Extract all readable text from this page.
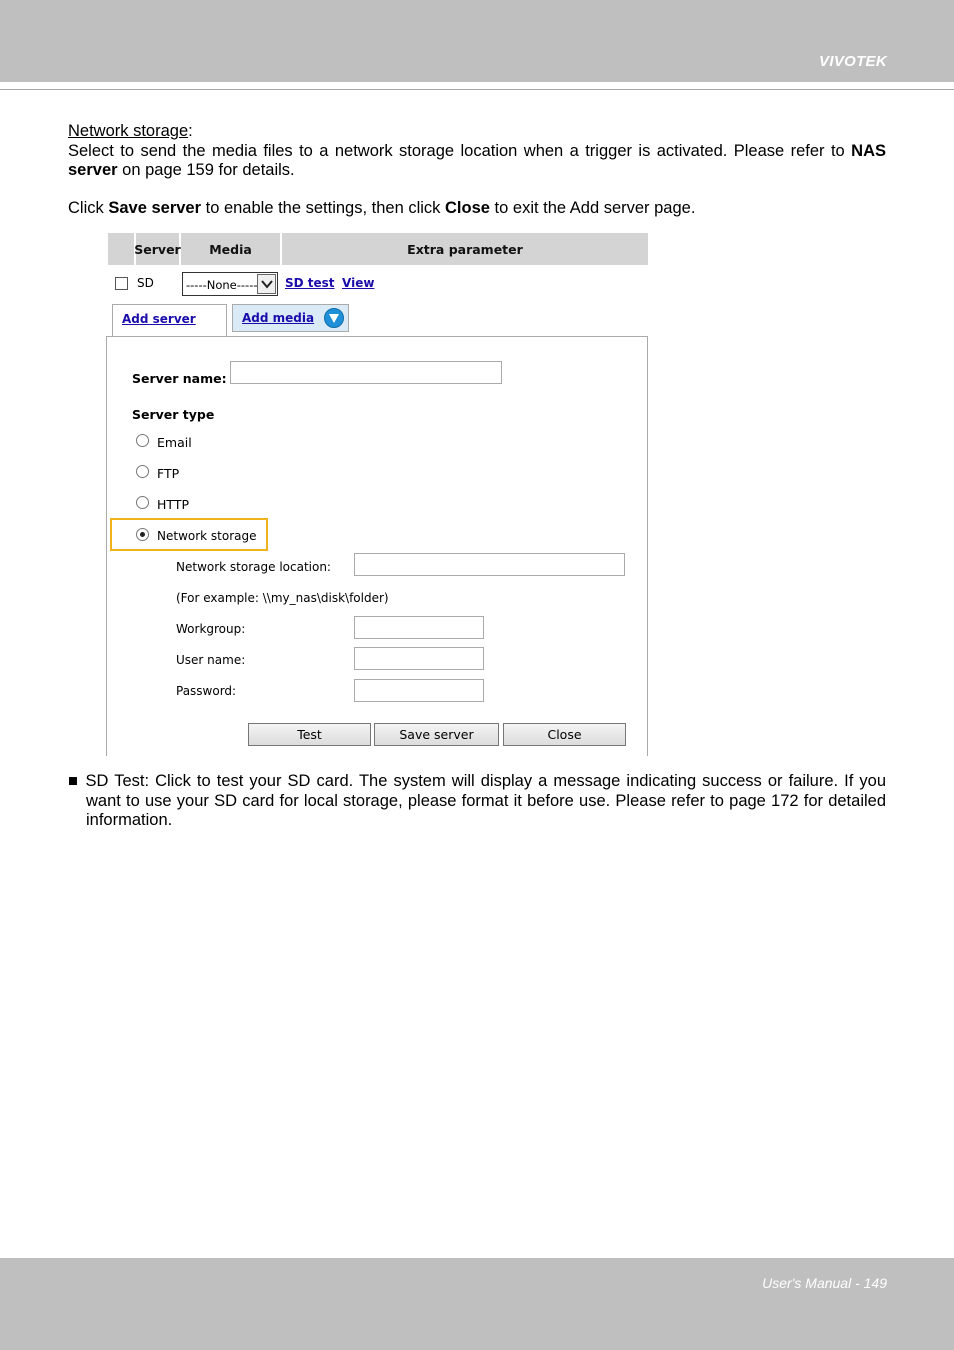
VIVOTEK
Network storage:
Select to send the media files to a network storage location when a trigger is activated. Please refer to NAS server on page 159 for details.
Click Save server to enable the settings, then click Close to exit the Add server page.
Server	Media	Extra parameter
SD	-----None----- SD test View
Add server	Add media
Server name:
Server type
Email
FTP
HTTP
Network storage
Network storage location:
(For example: \\my_nas\disk\folder)
Workgroup:
User name:
Password:
Test	Save server	Close
■ SD Test: Click to test your SD card. The system will display a message indicating success or failure. If you want to use your SD card for local storage, please format it before use. Please refer to page 172 for detailed information.
User's Manual - 149
